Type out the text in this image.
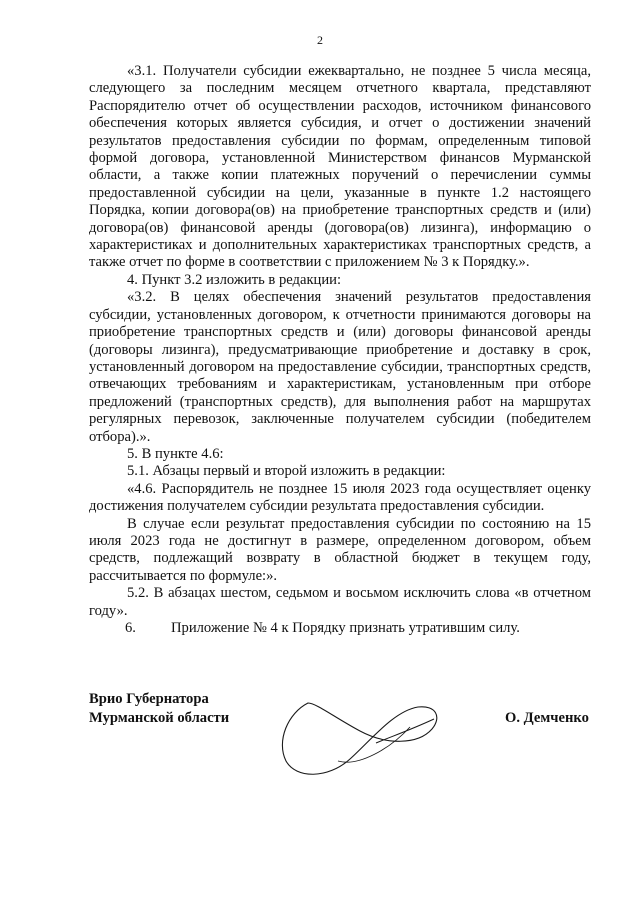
2

«3.1. Получатели субсидии ежеквартально, не позднее 5 числа месяца, следующего за последним месяцем отчетного квартала, представляют Распорядителю отчет об осуществлении расходов, источником финансового обеспечения которых является субсидия, и отчет о достижении значений результатов предоставления субсидии по формам, определенным типовой формой договора, установленной Министерством финансов Мурманской области, а также копии платежных поручений о перечислении суммы предоставленной субсидии на цели, указанные в пункте 1.2 настоящего Порядка, копии договора(ов) на приобретение транспортных средств и (или) договора(ов) финансовой аренды (договора(ов) лизинга), информацию о характеристиках и дополнительных характеристиках транспортных средств, а также отчет по форме в соответствии с приложением № 3 к Порядку.».

4. Пункт 3.2 изложить в редакции:

«3.2. В целях обеспечения значений результатов предоставления субсидии, установленных договором, к отчетности принимаются договоры на приобретение транспортных средств и (или) договоры финансовой аренды (договоры лизинга), предусматривающие приобретение и доставку в срок, установленный договором на предоставление субсидии, транспортных средств, отвечающих требованиям и характеристикам, установленным при отборе предложений (транспортных средств), для выполнения работ на маршрутах регулярных перевозок, заключенные получателем субсидии (победителем отбора).».

5. В пункте 4.6:

5.1. Абзацы первый и второй изложить в редакции:

«4.6. Распорядитель не позднее 15 июля 2023 года осуществляет оценку достижения получателем субсидии результата предоставления субсидии.

В случае если результат предоставления субсидии по состоянию на 15 июля 2023 года не достигнут в размере, определенном договором, объем средств, подлежащий возврату в областной бюджет в текущем году, рассчитывается по формуле:».

5.2. В абзацах шестом, седьмом и восьмом исключить слова «в отчетном году».

6. Приложение № 4 к Порядку признать утратившим силу.

Врио Губернатора
Мурманской области	О. Демченко
